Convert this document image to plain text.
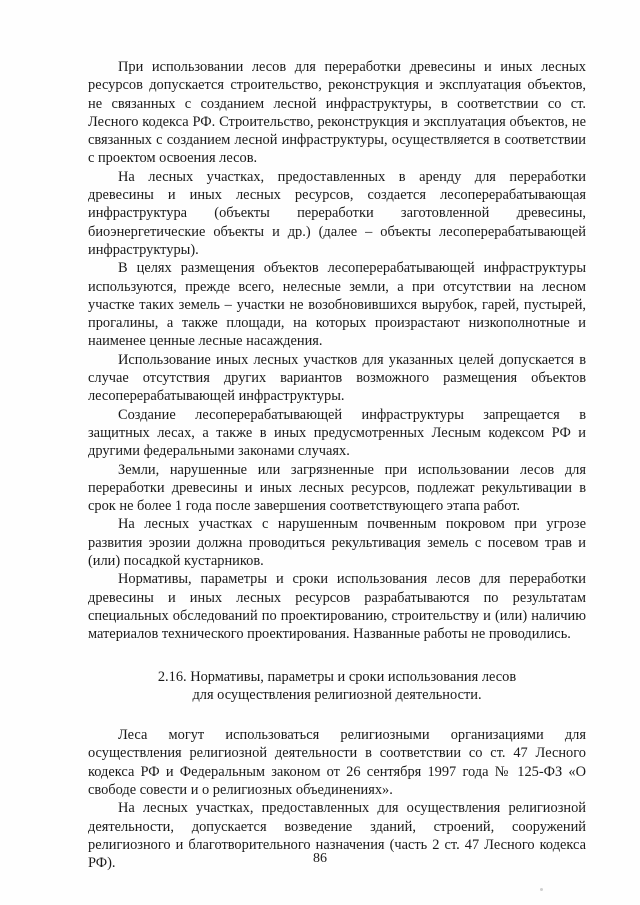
При использовании лесов для переработки древесины и иных лесных ресурсов допускается строительство, реконструкция и эксплуатация объектов, не связанных с созданием лесной инфраструктуры, в соответствии со ст. Лесного кодекса РФ. Строительство, реконструкция и эксплуатация объектов, не связанных с созданием лесной инфраструктуры, осуществляется в соответствии с проектом освоения лесов.

На лесных участках, предоставленных в аренду для переработки древесины и иных лесных ресурсов, создается лесоперерабатывающая инфраструктура (объекты переработки заготовленной древесины, биоэнергетические объекты и др.) (далее – объекты лесоперерабатывающей инфраструктуры).

В целях размещения объектов лесоперерабатывающей инфраструктуры используются, прежде всего, нелесные земли, а при отсутствии на лесном участке таких земель – участки не возобновившихся вырубок, гарей, пустырей, прогалины, а также площади, на которых произрастают низкополнотные и наименее ценные лесные насаждения.

Использование иных лесных участков для указанных целей допускается в случае отсутствия других вариантов возможного размещения объектов лесоперерабатывающей инфраструктуры.

Создание лесоперерабатывающей инфраструктуры запрещается в защитных лесах, а также в иных предусмотренных Лесным кодексом РФ и другими федеральными законами случаях.

Земли, нарушенные или загрязненные при использовании лесов для переработки древесины и иных лесных ресурсов, подлежат рекультивации в срок не более 1 года после завершения соответствующего этапа работ.

На лесных участках с нарушенным почвенным покровом при угрозе развития эрозии должна проводиться рекультивация земель с посевом трав и (или) посадкой кустарников.

Нормативы, параметры и сроки использования лесов для переработки древесины и иных лесных ресурсов разрабатываются по результатам специальных обследований по проектированию, строительству и (или) наличию материалов технического проектирования. Названные работы не проводились.

2.16. Нормативы, параметры и сроки использования лесов
для осуществления религиозной деятельности.

Леса могут использоваться религиозными организациями для осуществления религиозной деятельности в соответствии со ст. 47 Лесного кодекса РФ и Федеральным законом от 26 сентября 1997 года № 125-ФЗ «О свободе совести и о религиозных объединениях».

На лесных участках, предоставленных для осуществления религиозной деятельности, допускается возведение зданий, строений, сооружений религиозного и благотворительного назначения (часть 2 ст. 47 Лесного кодекса РФ).	86
